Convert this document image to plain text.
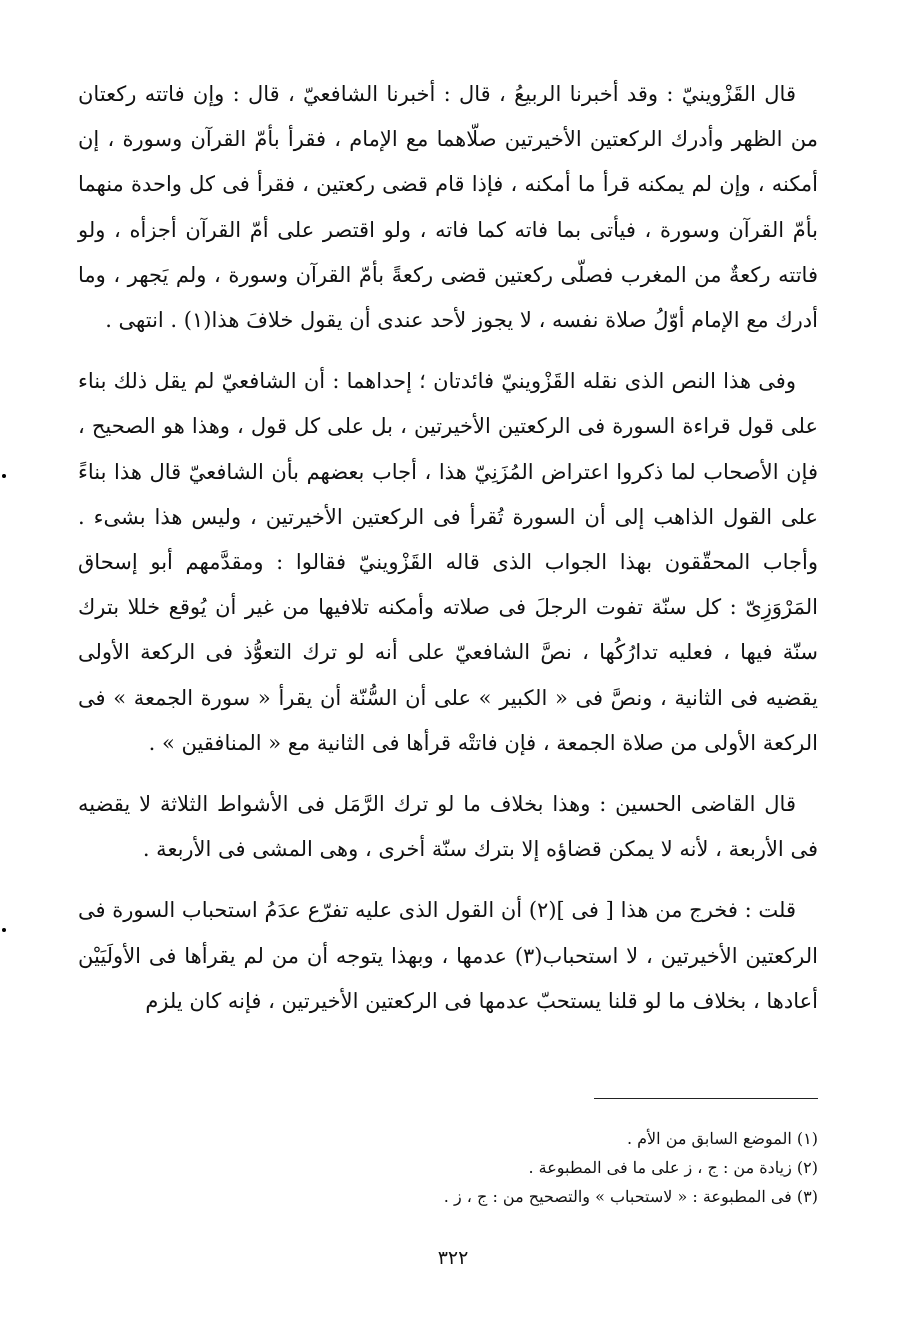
قال القَزْوينيّ : وقد أخبرنا الربيعُ ، قال : أخبرنا الشافعيّ ، قال : وإن فاتته ركعتان من الظهر وأدرك الركعتين الأخيرتين صلّاهما مع الإمام ، فقرأ بأمّ القرآن وسورة ، إن أمكنه ، وإن لم يمكنه قرأ ما أمكنه ، فإذا قام قضى ركعتين ، فقرأ فى كل واحدة منهما بأمّ القرآن وسورة ، فيأتى بما فاته كما فاته ، ولو اقتصر على أمّ القرآن أجزأه ، ولو فاتته ركعةٌ من المغرب فصلّى ركعتين قضى ركعةً بأمّ القرآن وسورة ، ولم يَجهر ، وما أدرك مع الإمام أوّلُ صلاة نفسه ، لا يجوز لأحد عندى أن يقول خلافَ هذا(١) . انتهى .

وفى هذا النص الذى نقله القَزْوينيّ فائدتان ؛ إحداهما : أن الشافعيّ لم يقل ذلك بناء على قول قراءة السورة فى الركعتين الأخيرتين ، بل على كل قول ، وهذا هو الصحيح ، فإن الأصحاب لما ذكروا اعتراض المُزَنِيّ هذا ، أجاب بعضهم بأن الشافعيّ قال هذا بناءً على القول الذاهب إلى أن السورة تُقرأ فى الركعتين الأخيرتين ، وليس هذا بشىء . وأجاب المحقّقون بهذا الجواب الذى قاله القَزْوينيّ فقالوا : ومقدَّمهم أبو إسحاق المَرْوَزِىّ : كل سنّة تفوت الرجلَ فى صلاته وأمكنه تلافيها من غير أن يُوقع خللا بترك سنّة فيها ، فعليه تدارُكُها ، نصَّ الشافعيّ على أنه لو ترك التعوُّذ فى الركعة الأولى يقضيه فى الثانية ، ونصَّ فى « الكبير » على أن السُّنّة أن يقرأ « سورة الجمعة » فى الركعة الأولى من صلاة الجمعة ، فإن فاتتْه قرأها فى الثانية مع « المنافقين » .

قال القاضى الحسين : وهذا بخلاف ما لو ترك الرَّمَل فى الأشواط الثلاثة لا يقضيه فى الأربعة ، لأنه لا يمكن قضاؤه إلا بترك سنّة أخرى ، وهى المشى فى الأربعة .

قلت : فخرج من هذا [ فى ](٢) أن القول الذى عليه تفرّع عدَمُ استحباب السورة فى الركعتين الأخيرتين ، لا استحباب(٣) عدمها ، وبهذا يتوجه أن من لم يقرأها فى الأولَيَيْن أعادها ، بخلاف ما لو قلنا يستحبّ عدمها فى الركعتين الأخيرتين ، فإنه كان يلزم

(١) الموضع السابق من الأم .

(٢) زيادة من : ج ، ز على ما فى المطبوعة .

(٣) فى المطبوعة : « لاستحباب » والتصحيح من : ج ، ز .

٣٢٢
